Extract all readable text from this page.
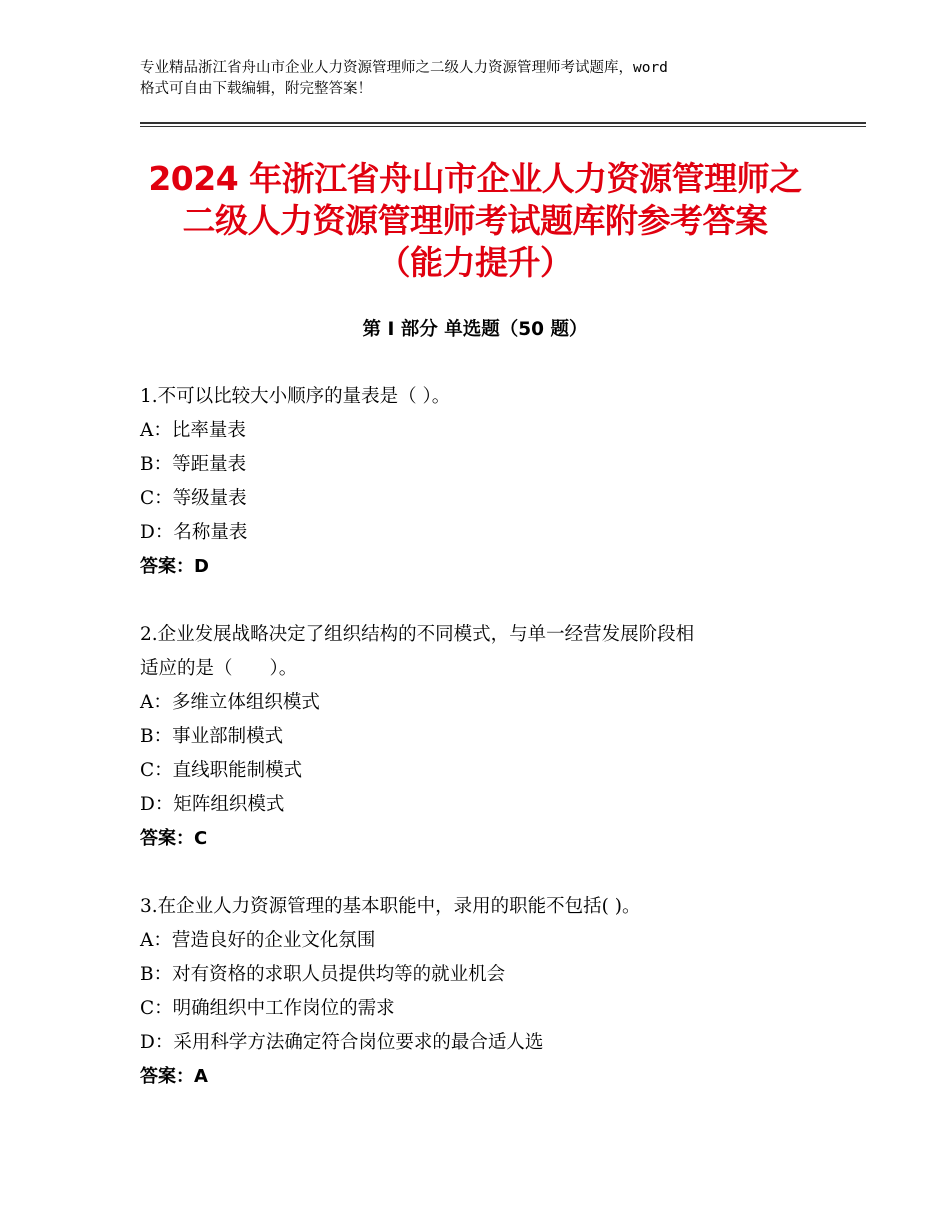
专业精品浙江省舟山市企业人力资源管理师之二级人力资源管理师考试题库，word
格式可自由下载编辑，附完整答案！
2024 年浙江省舟山市企业人力资源管理师之
二级人力资源管理师考试题库附参考答案
（能力提升）
第 I 部分 单选题（50 题）
1.不可以比较大小顺序的量表是（ ）。
A：比率量表
B：等距量表
C：等级量表
D：名称量表
答案：D
2.企业发展战略决定了组织结构的不同模式，与单一经营发展阶段相
适应的是（　　）。
A：多维立体组织模式
B：事业部制模式
C：直线职能制模式
D：矩阵组织模式
答案：C
3.在企业人力资源管理的基本职能中，录用的职能不包括( )。
A：营造良好的企业文化氛围
B：对有资格的求职人员提供均等的就业机会
C：明确组织中工作岗位的需求
D：采用科学方法确定符合岗位要求的最合适人选
答案：A
